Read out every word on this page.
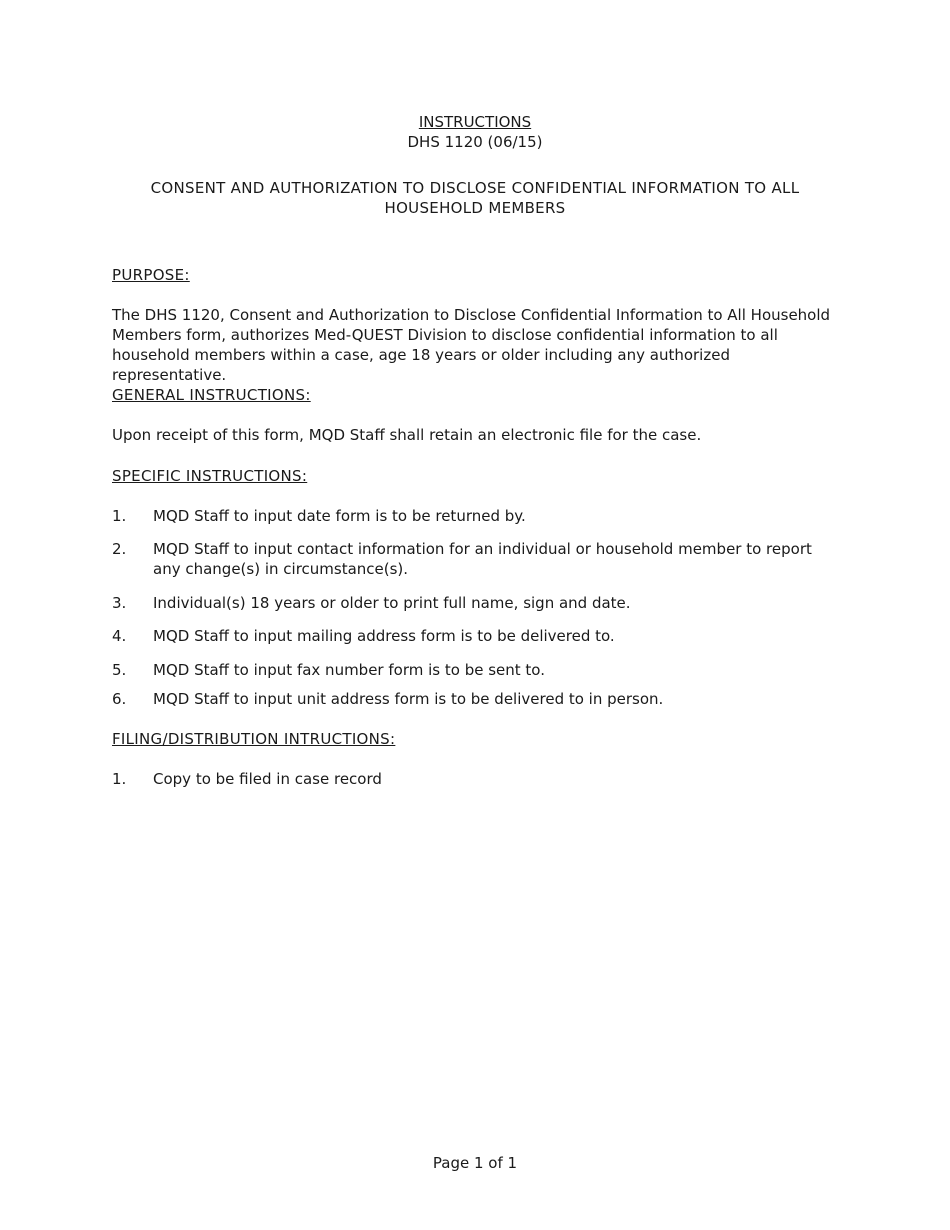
INSTRUCTIONS
DHS 1120 (06/15)
CONSENT AND AUTHORIZATION TO DISCLOSE CONFIDENTIAL INFORMATION TO ALL HOUSEHOLD MEMBERS
PURPOSE:
The DHS 1120, Consent and Authorization to Disclose Confidential Information to All Household Members form, authorizes Med-QUEST Division to disclose confidential information to all household members within a case, age 18 years or older including any authorized representative.
GENERAL INSTRUCTIONS:
Upon receipt of this form, MQD Staff shall retain an electronic file for the case.
SPECIFIC INSTRUCTIONS:
1.	MQD Staff to input date form is to be returned by.
2.	MQD Staff to input contact information for an individual or household member to report any change(s) in circumstance(s).
3.	Individual(s) 18 years or older to print full name, sign and date.
4.	MQD Staff to input mailing address form is to be delivered to.
5.	MQD Staff to input fax number form is to be sent to.
6.	MQD Staff to input unit address form is to be delivered to in person.
FILING/DISTRIBUTION INTRUCTIONS:
1.	Copy to be filed in case record
Page 1 of 1
